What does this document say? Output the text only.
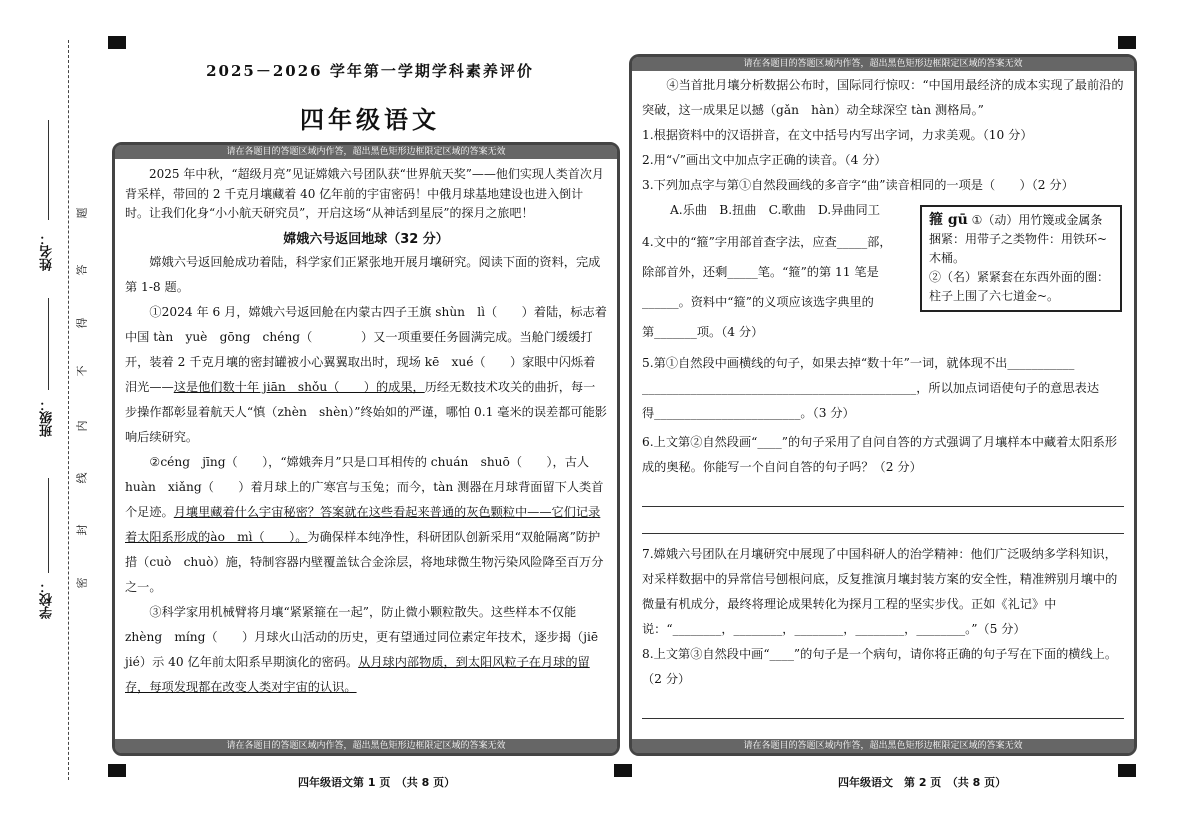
姓名：
班级：
学校：
题
答
得
不
内
线
封
密
2025－2026 学年第一学期学科素养评价
四年级语文
请在各题目的答题区域内作答，超出黑色矩形边框限定区域的答案无效

2025 年中秋，“超级月亮”见证嫦娥六号团队获“世界航天奖”——他们实现人类首次月背采样，带回的 2 千克月壤藏着 40 亿年前的宇宙密码！中俄月球基地建设也进入倒计时。让我们化身“小小航天研究员”，开启这场“从神话到星辰”的探月之旅吧！

嫦娥六号返回地球（32 分）

嫦娥六号返回舱成功着陆，科学家们正紧张地开展月壤研究。阅读下面的资料，完成第 1-8 题。

①2024 年 6 月，嫦娥六号返回舱在内蒙古四子王旗 shùn　lì（　　）着陆，标志着中国 tàn　yuè　gōng　chéng（　　　　）又一项重要任务圆满完成。当舱门缓缓打开，装着 2 千克月壤的密封罐被小心翼翼取出时，现场 kē　xué（　　）家眼中闪烁着泪光——这是他们数十年 jiān　shǒu（　　）的成果，历经无数技术攻关的曲折，每一步操作都彰显着航天人“慎（zhèn　shèn）”终始如的严谨，哪怕 0.1 毫米的误差都可能影响后续研究。

②céng　jīng（　　），“嫦娥奔月”只是口耳相传的 chuán　shuō（　　），古人 huàn　xiǎng（　　）着月球上的广寒宫与玉兔；而今，tàn 测器在月球背面留下人类首个足迹。月壤里藏着什么宇宙秘密？答案就在这些看起来普通的灰色颗粒中——它们记录着太阳系形成的ào　mì（　　）。为确保样本纯净性，科研团队创新采用“双舱隔离”防护措（cuò　chuò）施，特制容器内壁覆盖钛合金涂层，将地球微生物污染风险降至百万分之一。

③科学家用机械臂将月壤“紧紧箍在一起”，防止微小颗粒散失。这些样本不仅能 zhèng　míng（　　）月球火山活动的历史，更有望通过同位素定年技术，逐步揭（jiē　jié）示 40 亿年前太阳系早期演化的密码。从月球内部物质，到太阳风粒子在月球的留存，每项发现都在改变人类对宇宙的认识。

请在各题目的答题区域内作答，超出黑色矩形边框限定区域的答案无效
请在各题目的答题区域内作答，超出黑色矩形边框限定区域的答案无效

④当首批月壤分析数据公布时，国际同行惊叹：“中国用最经济的成本实现了最前沿的突破，这一成果足以撼（gǎn　hàn）动全球深空 tàn 测格局。”

1.根据资料中的汉语拼音，在文中括号内写出字词，力求美观。（10 分）

2.用“√”画出文中加点字正确的读音。（4 分）

3.下列加点字与第①自然段画线的多音字“曲”读音相同的一项是（　　）（2 分）

A.乐曲　B.扭曲　C.歌曲　D.异曲同工

4.文中的“箍”字用部首查字法，应查_____部，

除部首外，还剩_____笔。“箍”的第 11 笔是

______。资料中“箍”的义项应该选字典里的

第_______项。（4 分）

5.第①自然段中画横线的句子，如果去掉“数十年”一词，就体现不出___________

_____________________________________________，所以加点词语使句子的意思表达

得________________________。（3 分）

6.上文第②自然段画“____”的句子采用了自问自答的方式强调了月壤样本中藏着太阳系形成的奥秘。你能写一个自问自答的句子吗？（2 分）

7.嫦娥六号团队在月壤研究中展现了中国科研人的治学精神：他们广泛吸纳多学科知识，对采样数据中的异常信号刨根问底，反复推演月壤封装方案的安全性，精准辨别月壤中的微量有机成分，最终将理论成果转化为探月工程的坚实步伐。正如《礼记》中说：“________，________，________，________，________。”（5 分）

8.上文第③自然段中画“____”的句子是一个病句，请你将正确的句子写在下面的横线上。（2 分）

箍 gū ①（动）用竹篾或金属条捆紧：用带子之类物件：用铁环~木桶。
②（名）紧紧套在东西外面的圈：柱子上围了六七道金~。
请在各题目的答题区域内作答，超出黑色矩形边框限定区域的答案无效
四年级语文第 1 页　（共 8 页）	四年级语文　第 2 页　（共 8 页）
